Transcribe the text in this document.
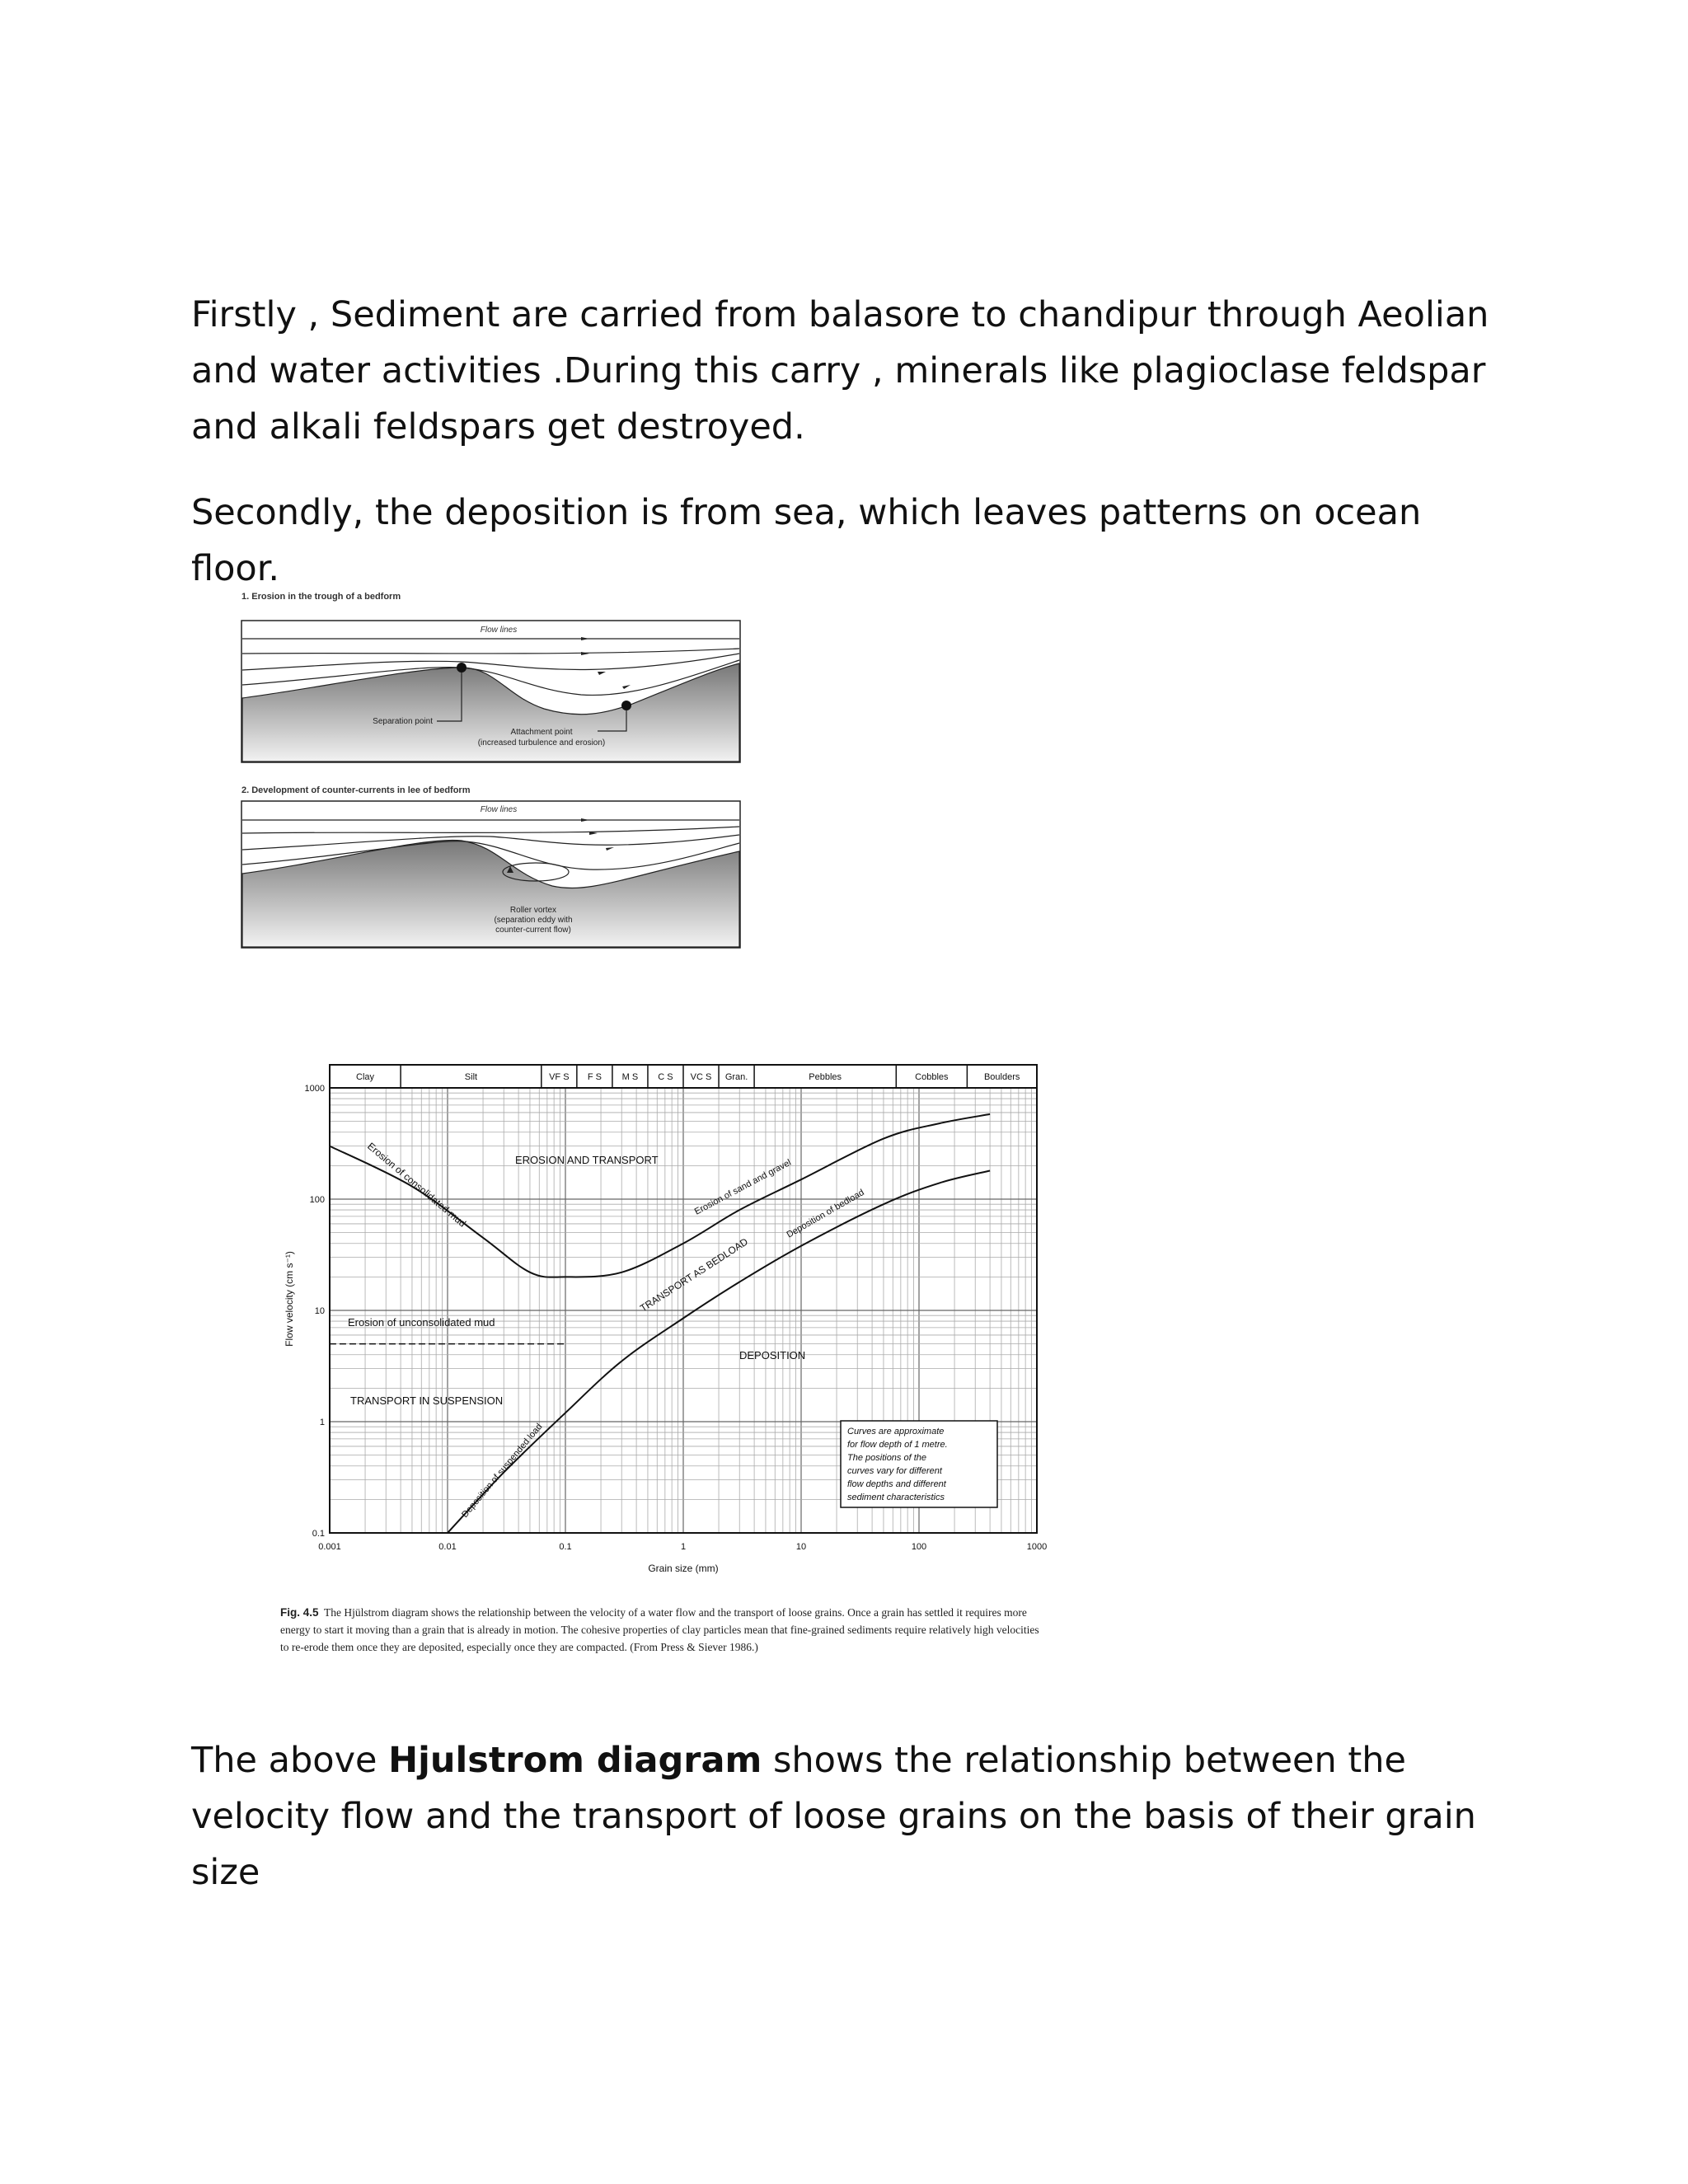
Firstly , Sediment are carried from balasore to chandipur through Aeolian and water activities .During this carry , minerals like plagioclase feldspar and alkali feldspars get destroyed.

Secondly, the deposition is from sea, which leaves patterns on ocean floor.

1. Erosion in the trough of a bedform
Flow lines
Separation point
Attachment point
(increased turbulence and erosion)
2. Development of counter-currents in lee of bedform
Flow lines
Roller vortex
(separation eddy with
counter-current flow)
Clay	Silt	VF S F S M S C S VC S Gran.	Pebbles	Cobbles	Boulders
0.001	0.01	0.1	1	10	100	1000
0.1
1
10
100
1000
Erosion of consolidated mud	EROSION AND TRANSPORT	Erosion of sand and gravel
Deposition of bedload
TRANSPORT AS BEDLOAD
Erosion of unconsolidated mud
DEPOSITION
TRANSPORT IN SUSPENSION
Deposition of suspended load	Curves are approximate
for flow depth of 1 metre.
The positions of the
curves vary for different
flow depths and different
sediment characteristics
Grain size (mm)
Flow velocity (cm s⁻¹)
Fig. 4.5 The Hjülstrom diagram shows the relationship between the velocity of a water flow and the transport of loose grains. Once a grain has settled it requires more energy to start it moving than a grain that is already in motion. The cohesive properties of clay particles mean that fine-grained sediments require relatively high velocities to re-erode them once they are deposited, especially once they are compacted. (From Press & Siever 1986.)

The above Hjulstrom diagram shows the relationship between the velocity flow and the transport of loose grains on the basis of their grain size
